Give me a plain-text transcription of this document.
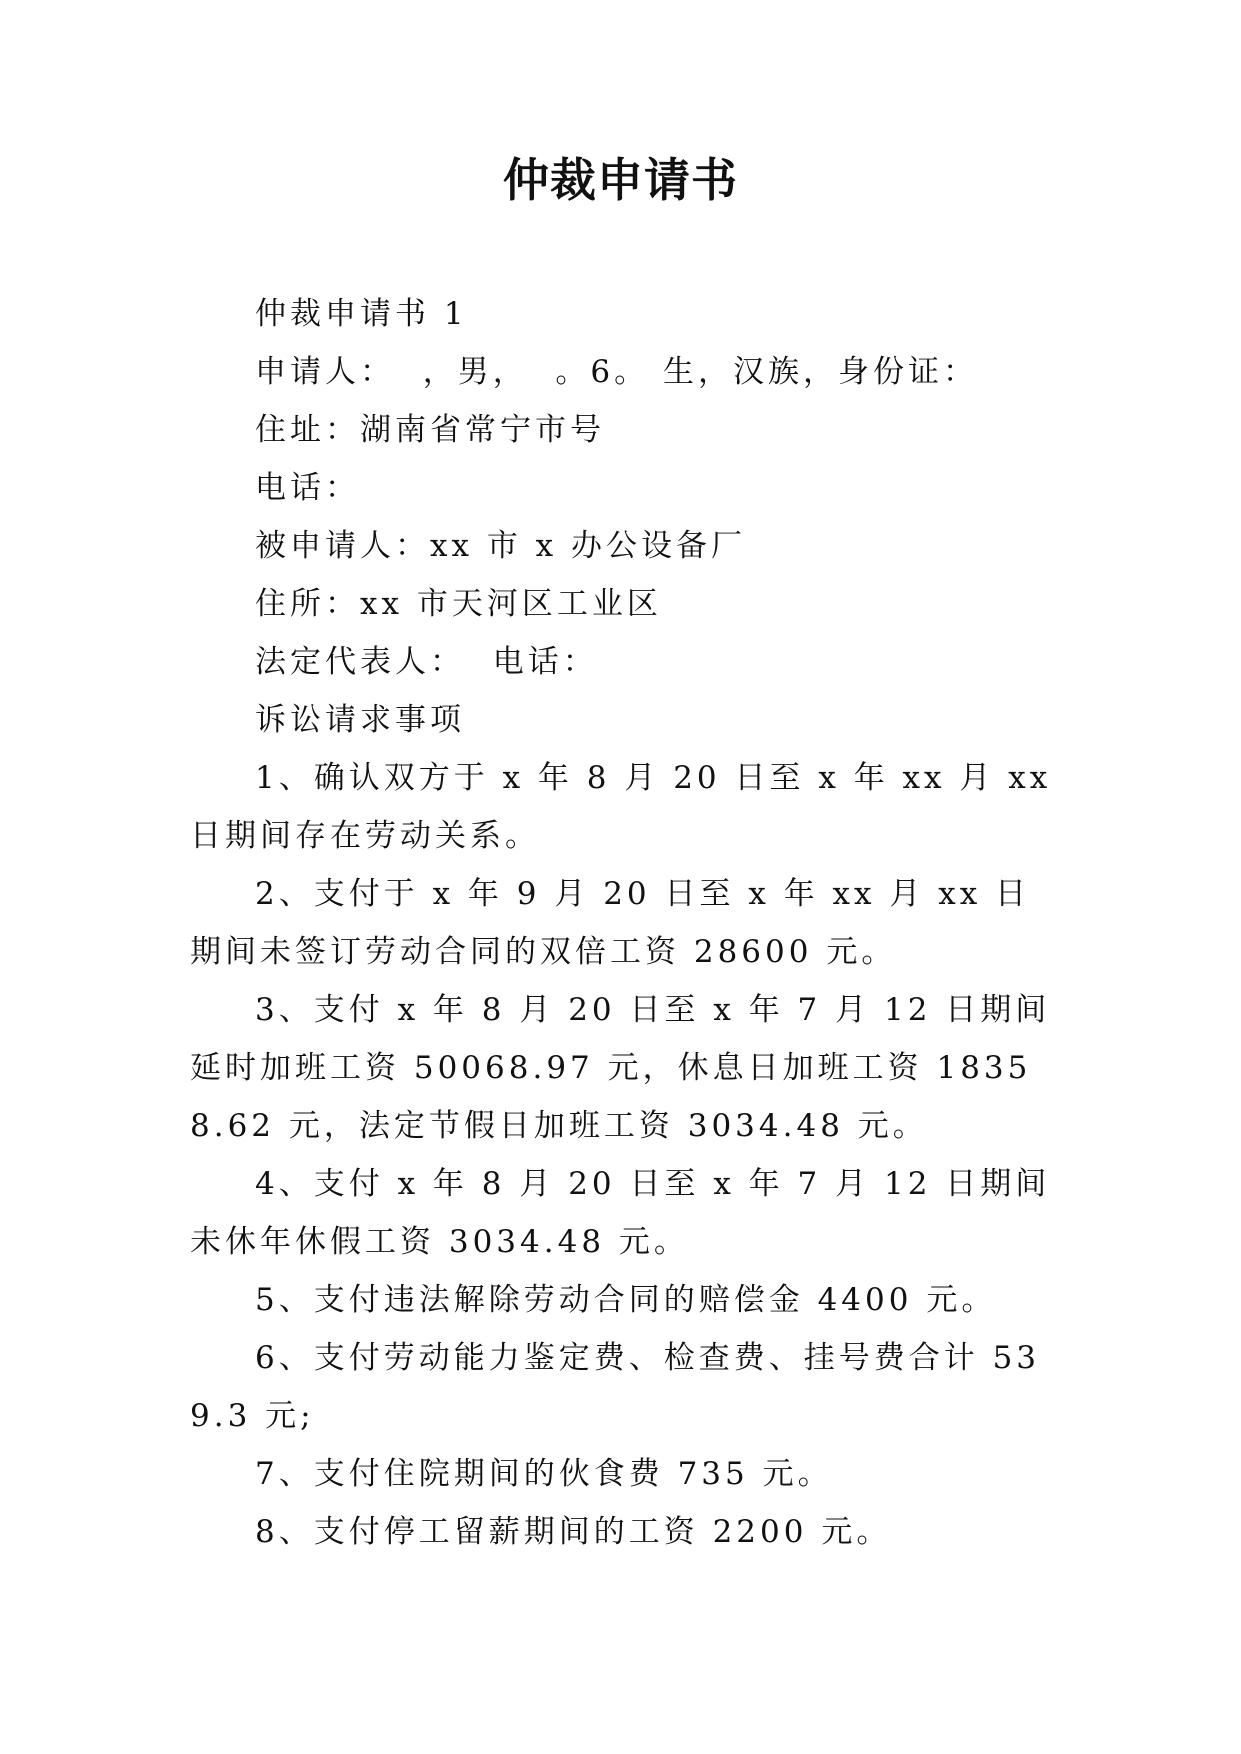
仲裁申请书

仲裁申请书 1

申请人：  ，男，  。6。 生，汉族，身份证：

住址：湖南省常宁市号

电话：

被申请人：xx 市 x 办公设备厂

住所：xx 市天河区工业区

法定代表人：  电话：

诉讼请求事项

1、确认双方于 x 年 8 月 20 日至 x 年 xx 月 xx 日期间存在劳动关系。

2、支付于 x 年 9 月 20 日至 x 年 xx 月 xx 日期间未签订劳动合同的双倍工资 28600 元。

3、支付 x 年 8 月 20 日至 x 年 7 月 12 日期间延时加班工资 50068.97 元，休息日加班工资 18358.62 元，法定节假日加班工资 3034.48 元。

4、支付 x 年 8 月 20 日至 x 年 7 月 12 日期间未休年休假工资 3034.48 元。

5、支付违法解除劳动合同的赔偿金 4400 元。

6、支付劳动能力鉴定费、检查费、挂号费合计 539.3 元;

7、支付住院期间的伙食费 735 元。

8、支付停工留薪期间的工资 2200 元。
